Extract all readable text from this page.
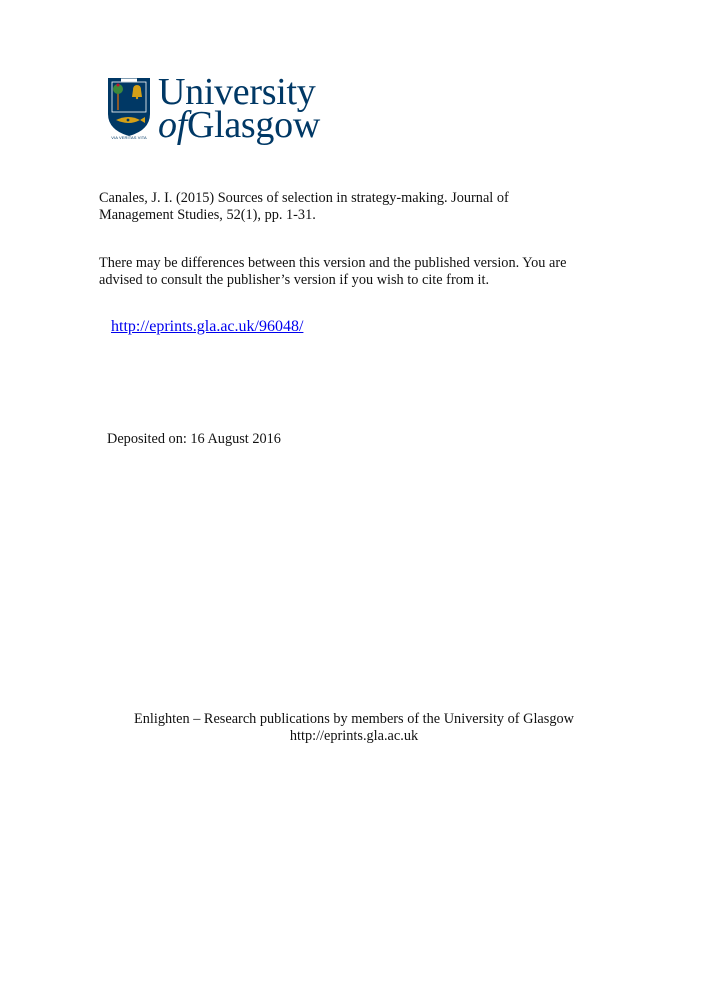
VIA VERITAS VITA
University
ofGlasgow
Canales, J. I. (2015) Sources of selection in strategy-making. Journal of
Management Studies, 52(1), pp. 1-31.
There may be differences between this version and the published version. You are
advised to consult the publisher’s version if you wish to cite from it.
http://eprints.gla.ac.uk/96048/
Deposited on: 16 August 2016
Enlighten – Research publications by members of the University of Glasgow
http://eprints.gla.ac.uk
